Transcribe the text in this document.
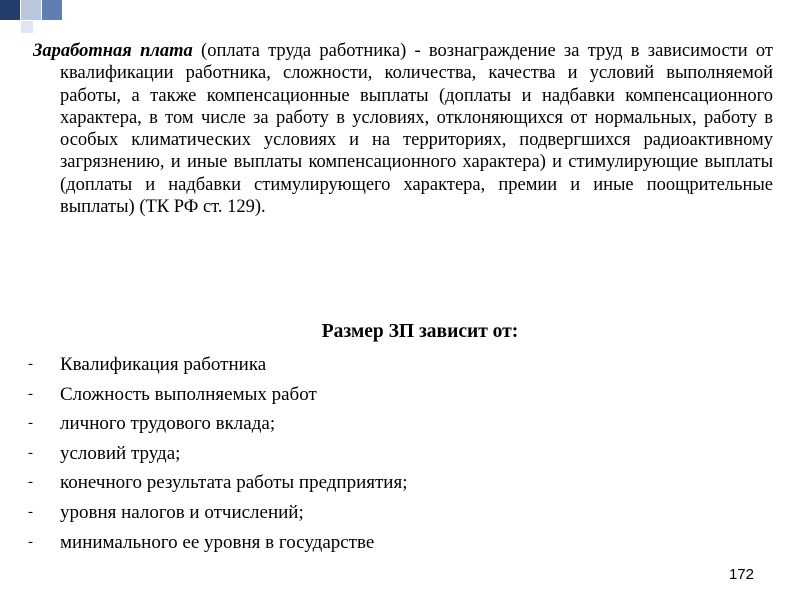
Заработная плата (оплата труда работника) - вознаграждение за труд в зависимости от квалификации работника, сложности, количества, качества и условий выполняемой работы, а также компенсационные выплаты (доплаты и надбавки компенсационного характера, в том числе за работу в условиях, отклоняющихся от нормальных, работу в особых климатических условиях и на территориях, подвергшихся радиоактивному загрязнению, и иные выплаты компенсационного характера) и стимулирующие выплаты (доплаты и надбавки стимулирующего характера, премии и иные поощрительные выплаты) (ТК РФ ст. 129).
Размер ЗП зависит от:
- Квалификация работника
- Сложность выполняемых работ
- личного трудового вклада;
- условий труда;
- конечного результата работы предприятия;
- уровня налогов и отчислений;
- минимального ее уровня в государстве
172
